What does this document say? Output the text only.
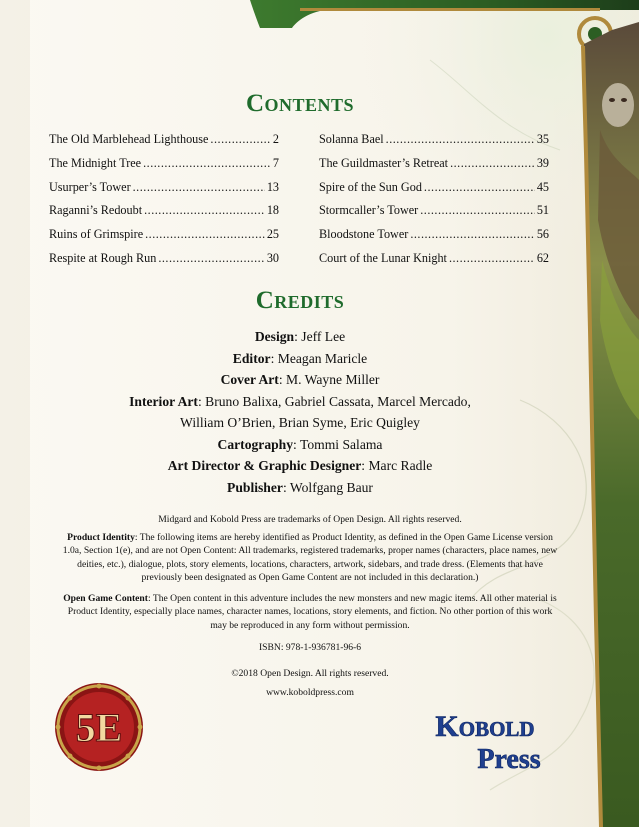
Contents
The Old Marblehead Lighthouse .....	2
The Midnight Tree .....	7
Usurper’s Tower .....	13
Raganni’s Redoubt .....	18
Ruins of Grimspire .....	25
Respite at Rough Run .....	30
Solanna Bael .....	35
The Guildmaster’s Retreat .....	39
Spire of the Sun God .....	45
Stormcaller’s Tower .....	51
Bloodstone Tower .....	56
Court of the Lunar Knight .....	62
Credits
Design: Jeff Lee
Editor: Meagan Maricle
Cover Art: M. Wayne Miller
Interior Art: Bruno Balixa, Gabriel Cassata, Marcel Mercado,
William O’Brien, Brian Syme, Eric Quigley
Cartography: Tommi Salama
Art Director & Graphic Designer: Marc Radle
Publisher: Wolfgang Baur
Midgard and Kobold Press are trademarks of Open Design. All rights reserved.
Product Identity: The following items are hereby identified as Product Identity, as defined in the Open Game License version 1.0a, Section 1(e), and are not Open Content: All trademarks, registered trademarks, proper names (characters, place names, new deities, etc.), dialogue, plots, story elements, locations, characters, artwork, sidebars, and trade dress. (Elements that have previously been designated as Open Game Content are not included in this declaration.)
Open Game Content: The Open content in this adventure includes the new monsters and new magic items. All other material is Product Identity, especially place names, character names, locations, story elements, and fiction. No other portion of this work may be reproduced in any form without permission.
ISBN: 978-1-936781-96-6
©2018 Open Design. All rights reserved.
www.koboldpress.com
5E	Kobold
Press
